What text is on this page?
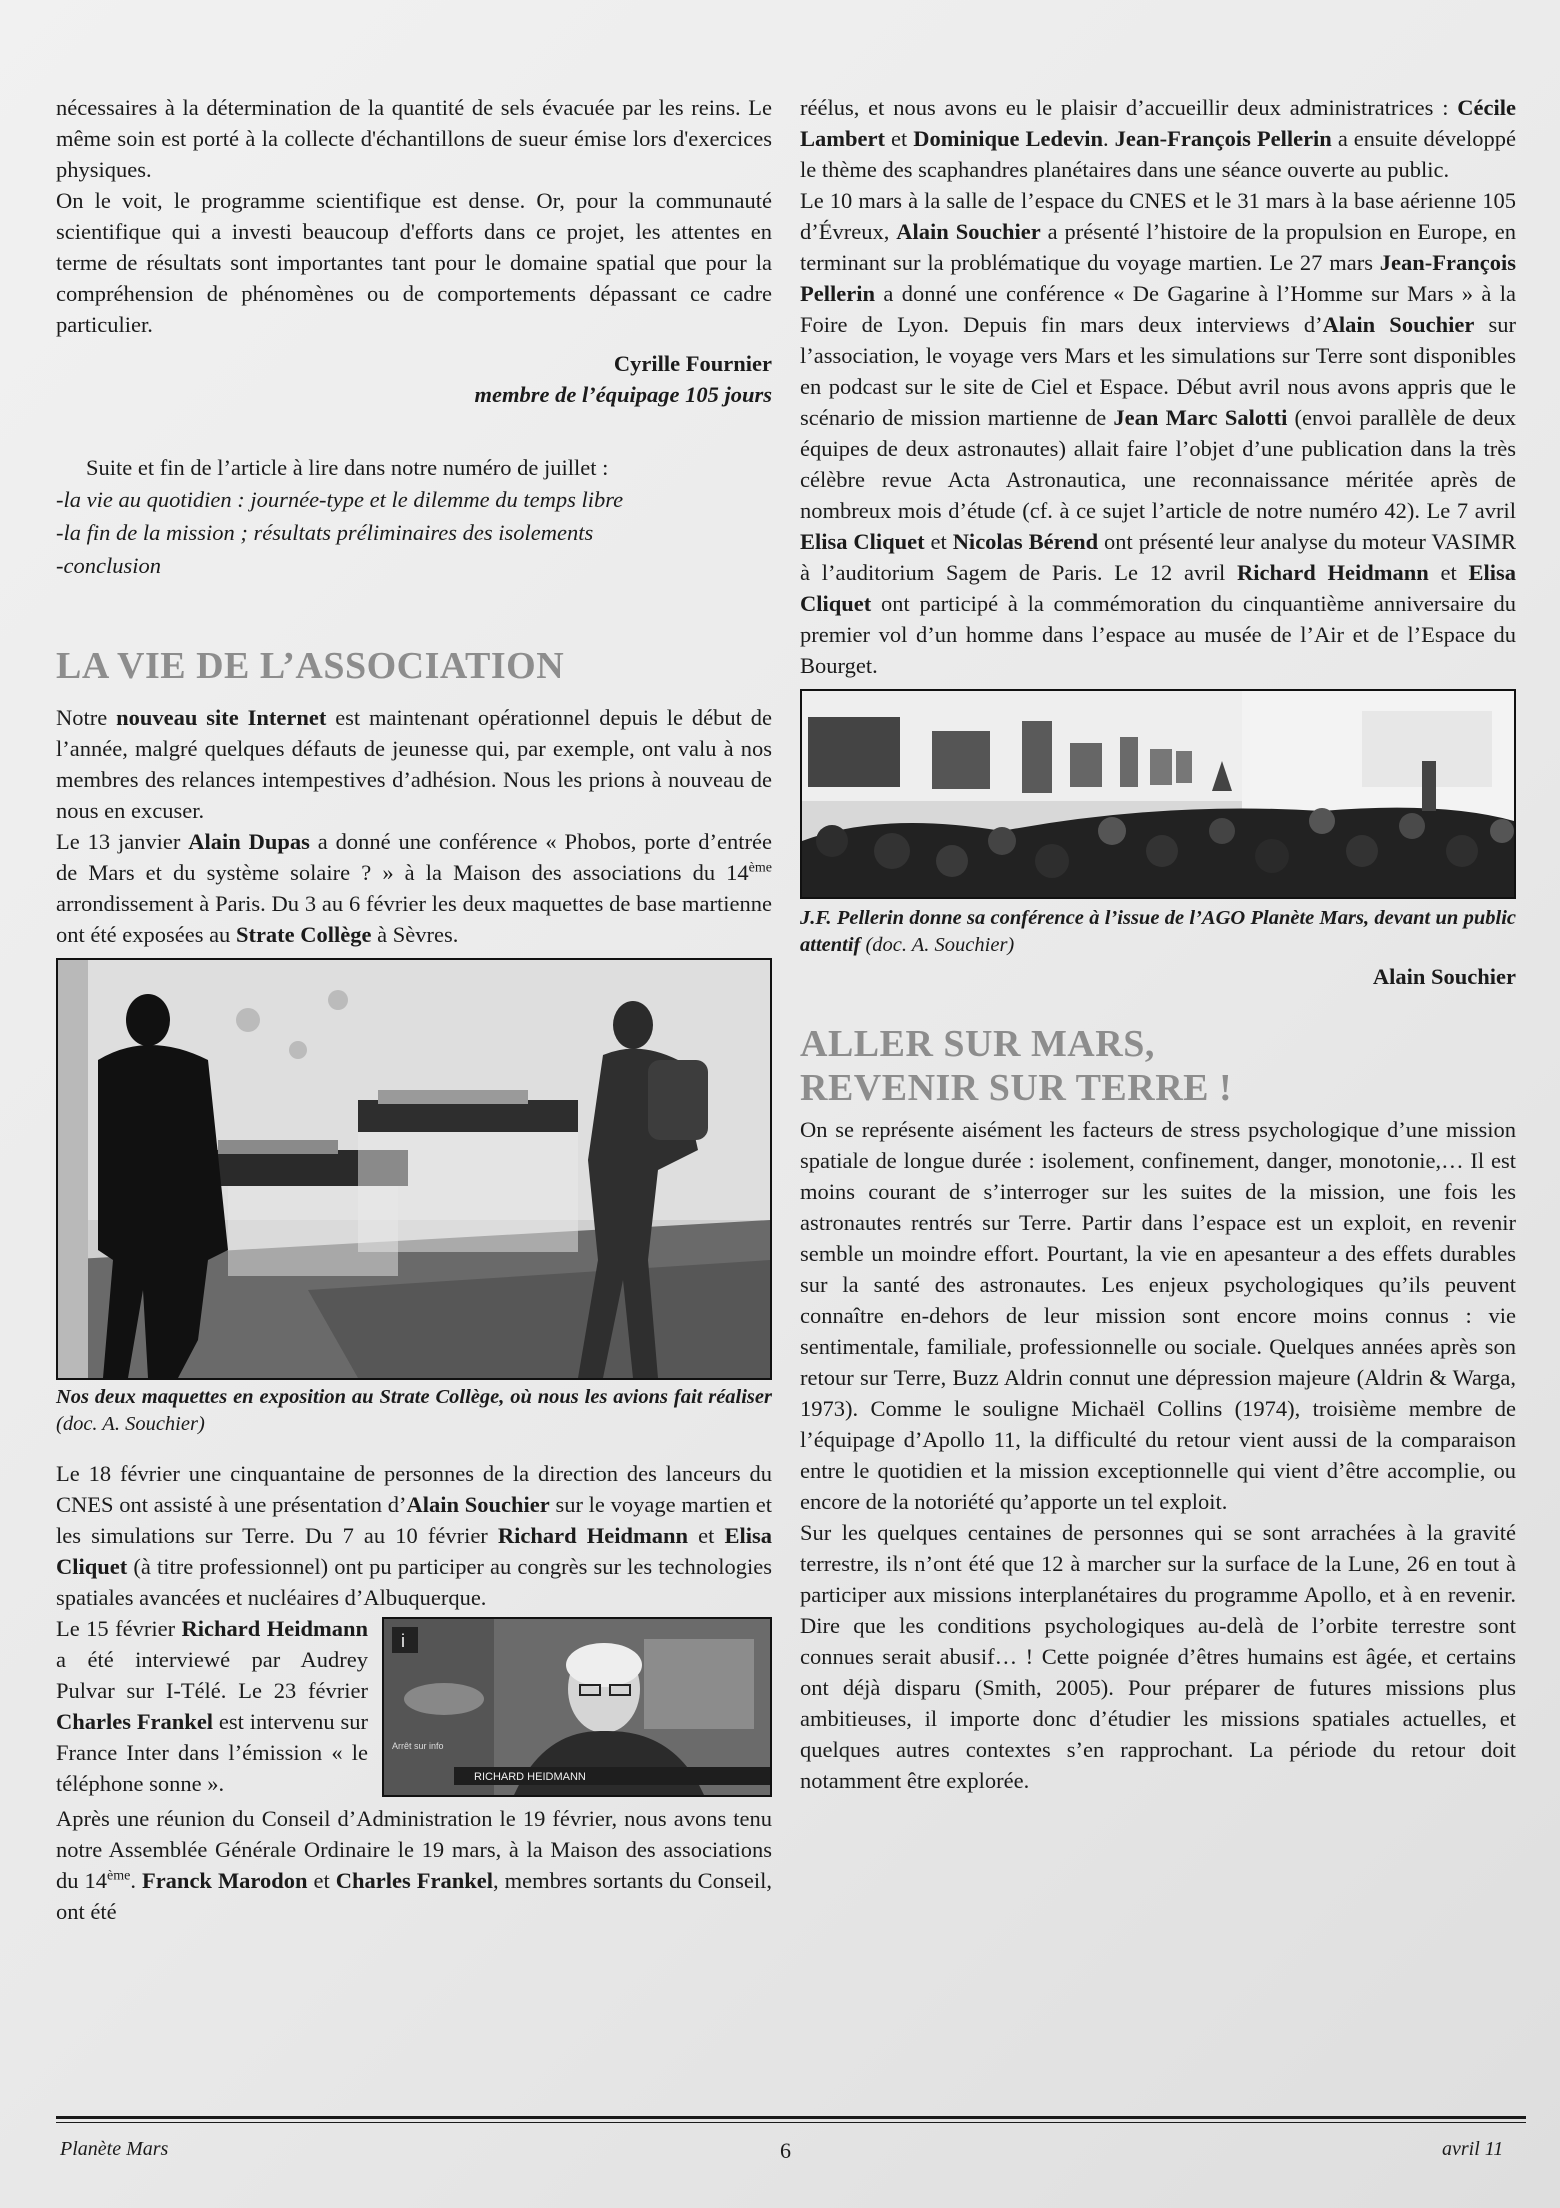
nécessaires à la détermination de la quantité de sels évacuée par les reins. Le même soin est porté à la collecte d'échantillons de sueur émise lors d'exercices physiques.

On le voit, le programme scientifique est dense. Or, pour la communauté scientifique qui a investi beaucoup d'efforts dans ce projet, les attentes en terme de résultats sont importantes tant pour le domaine spatial que pour la compréhension de phénomènes ou de comportements dépassant ce cadre particulier.

Cyrille Fournier
membre de l’équipage 105 jours

Suite et fin de l’article à lire dans notre numéro de juillet :

-la vie au quotidien : journée-type et le dilemme du temps libre
-la fin de la mission ; résultats préliminaires des isolements
-conclusion
LA VIE DE L’ASSOCIATION

Notre nouveau site Internet est maintenant opérationnel depuis le début de l’année, malgré quelques défauts de jeunesse qui, par exemple, ont valu à nos membres des relances intempestives d’adhésion. Nous les prions à nouveau de nous en excuser.

Le 13 janvier Alain Dupas a donné une conférence « Phobos, porte d’entrée de Mars et du système solaire ? » à la Maison des associations du 14ème arrondissement à Paris. Du 3 au 6 février les deux maquettes de base martienne ont été exposées au Strate Collège à Sèvres.

Nos deux maquettes en exposition au Strate Collège, où nous les avions fait réaliser (doc. A. Souchier)

Le 18 février une cinquantaine de personnes de la direction des lanceurs du CNES ont assisté à une présentation d’Alain Souchier sur le voyage martien et les simulations sur Terre. Du 7 au 10 février Richard Heidmann et Elisa Cliquet (à titre professionnel) ont pu participer au congrès sur les technologies spatiales avancées et nucléaires d’Albuquerque.

i
RICHARD HEIDMANN
Arrêt sur info

Le 15 février Richard Heidmann a été interviewé par Audrey Pulvar sur I-Télé. Le 23 février Charles Frankel est intervenu sur France Inter dans l’émission « le téléphone sonne ».

Après une réunion du Conseil d’Administration le 19 février, nous avons tenu notre Assemblée Générale Ordinaire le 19 mars, à la Maison des associations du 14ème. Franck Marodon et Charles Frankel, membres sortants du Conseil, ont été

réélus, et nous avons eu le plaisir d’accueillir deux administratrices : Cécile Lambert et Dominique Ledevin. Jean-François Pellerin a ensuite développé le thème des scaphandres planétaires dans une séance ouverte au public.

Le 10 mars à la salle de l’espace du CNES et le 31 mars à la base aérienne 105 d’Évreux, Alain Souchier a présenté l’histoire de la propulsion en Europe, en terminant sur la problématique du voyage martien. Le 27 mars Jean-François Pellerin a donné une conférence « De Gagarine à l’Homme sur Mars » à la Foire de Lyon. Depuis fin mars deux interviews d’Alain Souchier sur l’association, le voyage vers Mars et les simulations sur Terre sont disponibles en podcast sur le site de Ciel et Espace. Début avril nous avons appris que le scénario de mission martienne de Jean Marc Salotti (envoi parallèle de deux équipes de deux astronautes) allait faire l’objet d’une publication dans la très célèbre revue Acta Astronautica, une reconnaissance méritée après de nombreux mois d’étude (cf. à ce sujet l’article de notre numéro 42). Le 7 avril Elisa Cliquet et Nicolas Bérend ont présenté leur analyse du moteur VASIMR à l’auditorium Sagem de Paris. Le 12 avril Richard Heidmann et Elisa Cliquet ont participé à la commémoration du cinquantième anniversaire du premier vol d’un homme dans l’espace au musée de l’Air et de l’Espace du Bourget.

J.F. Pellerin donne sa conférence à l’issue de l’AGO Planète Mars, devant un public attentif (doc. A. Souchier)
Alain Souchier
ALLER SUR MARS,
REVENIR SUR TERRE !

On se représente aisément les facteurs de stress psychologique d’une mission spatiale de longue durée : isolement, confinement, danger, monotonie,… Il est moins courant de s’interroger sur les suites de la mission, une fois les astronautes rentrés sur Terre. Partir dans l’espace est un exploit, en revenir semble un moindre effort. Pourtant, la vie en apesanteur a des effets durables sur la santé des astronautes. Les enjeux psychologiques qu’ils peuvent connaître en-dehors de leur mission sont encore moins connus : vie sentimentale, familiale, professionnelle ou sociale. Quelques années après son retour sur Terre, Buzz Aldrin connut une dépression majeure (Aldrin & Warga, 1973). Comme le souligne Michaël Collins (1974), troisième membre de l’équipage d’Apollo 11, la difficulté du retour vient aussi de la comparaison entre le quotidien et la mission exceptionnelle qui vient d’être accomplie, ou encore de la notoriété qu’apporte un tel exploit.

Sur les quelques centaines de personnes qui se sont arrachées à la gravité terrestre, ils n’ont été que 12 à marcher sur la surface de la Lune, 26 en tout à participer aux missions interplanétaires du programme Apollo, et à en revenir. Dire que les conditions psychologiques au-delà de l’orbite terrestre sont connues serait abusif… ! Cette poignée d’êtres humains est âgée, et certains ont déjà disparu (Smith, 2005). Pour préparer de futures missions plus ambitieuses, il importe donc d’étudier les missions spatiales actuelles, et quelques autres contextes s’en rapprochant. La période du retour doit notamment être explorée.

Planète Mars	6	avril 11
